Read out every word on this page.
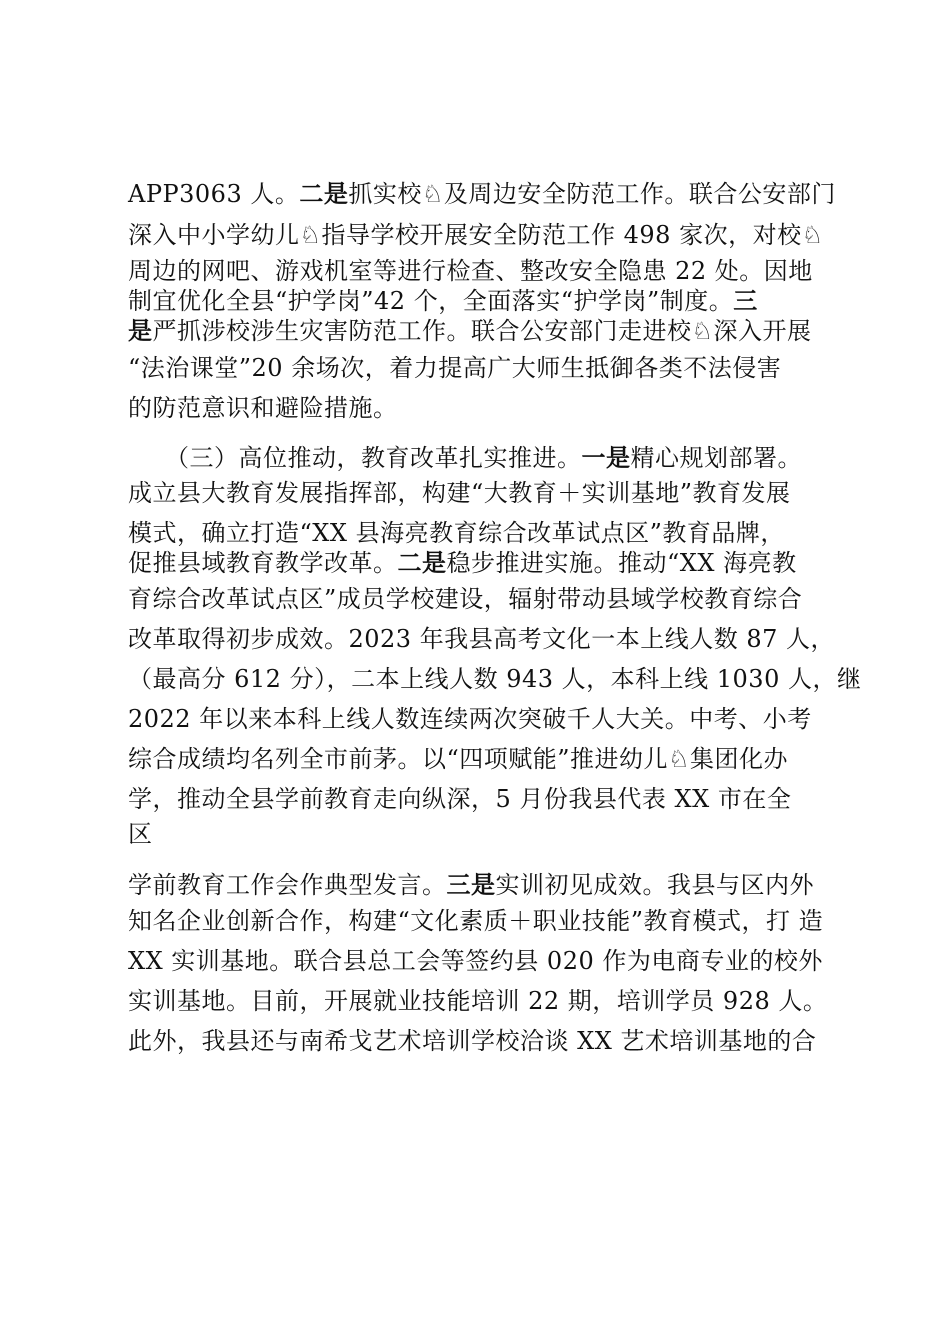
APP3063 人。二是抓实校♘及周边安全防范工作。联合公安部门
深入中小学幼儿♘指导学校开展安全防范工作 498 家次，对校♘
周边的网吧、游戏机室等进行检查、整改安全隐患 22 处。因地
制宜优化全县“护学岗”42 个，全面落实“护学岗”制度。三
是严抓涉校涉生灾害防范工作。联合公安部门走进校♘深入开展
“法治课堂”20 余场次，着力提高广大师生抵御各类不法侵害
的防范意识和避险措施。
　　（三）高位推动，教育改革扎实推进。一是精心规划部署。
成立县大教育发展指挥部，构建“大教育＋实训基地”教育发展
模式，确立打造“XX 县海亮教育综合改革试点区”教育品牌，
促推县域教育教学改革。二是稳步推进实施。推动“XX 海亮教
育综合改革试点区”成员学校建设，辐射带动县域学校教育综合
改革取得初步成效。2023 年我县高考文化一本上线人数 87 人，
（最高分 612 分），二本上线人数 943 人，本科上线 1030 人，继
2022 年以来本科上线人数连续两次突破千人大关。中考、小考
综合成绩均名列全市前茅。以“四项赋能”推进幼儿♘集团化办
学，推动全县学前教育走向纵深，5 月份我县代表 XX 市在全
区
学前教育工作会作典型发言。三是实训初见成效。我县与区内外
知名企业创新合作，构建“文化素质＋职业技能”教育模式，打 造
XX 实训基地。联合县总工会等签约县 020 作为电商专业的校外
实训基地。目前，开展就业技能培训 22 期，培训学员 928 人。
此外，我县还与南希戈艺术培训学校洽谈 XX 艺术培训基地的合
